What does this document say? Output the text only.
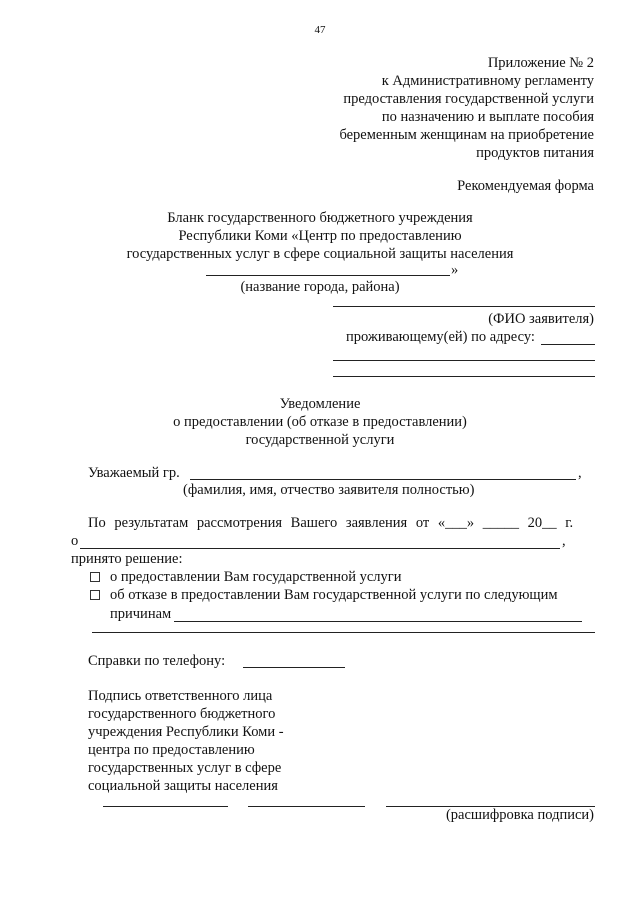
47
Приложение № 2
к Административному регламенту
предоставления государственной услуги
по назначению и выплате пособия
беременным женщинам на приобретение
продуктов питания
Рекомендуемая форма
Бланк государственного бюджетного учреждения
Республики Коми «Центр по предоставлению
государственных услуг в сфере социальной защиты населения
»
(название города, района)
(ФИО заявителя)
проживающему(ей) по адресу:
Уведомление
о предоставлении (об отказе в предоставлении)
государственной услуги
Уважаемый гр.	,
(фамилия, имя, отчество заявителя полностью)
По результатам рассмотрения Вашего заявления от «___» _____ 20__ г.
о	,
принято решение:
о предоставлении Вам государственной услуги
об отказе в предоставлении Вам государственной услуги по следующим
причинам
Справки по телефону:
Подпись ответственного лица
государственного бюджетного
учреждения Республики Коми -
центра по предоставлению
государственных услуг в сфере
социальной защиты населения
(расшифровка подписи)
